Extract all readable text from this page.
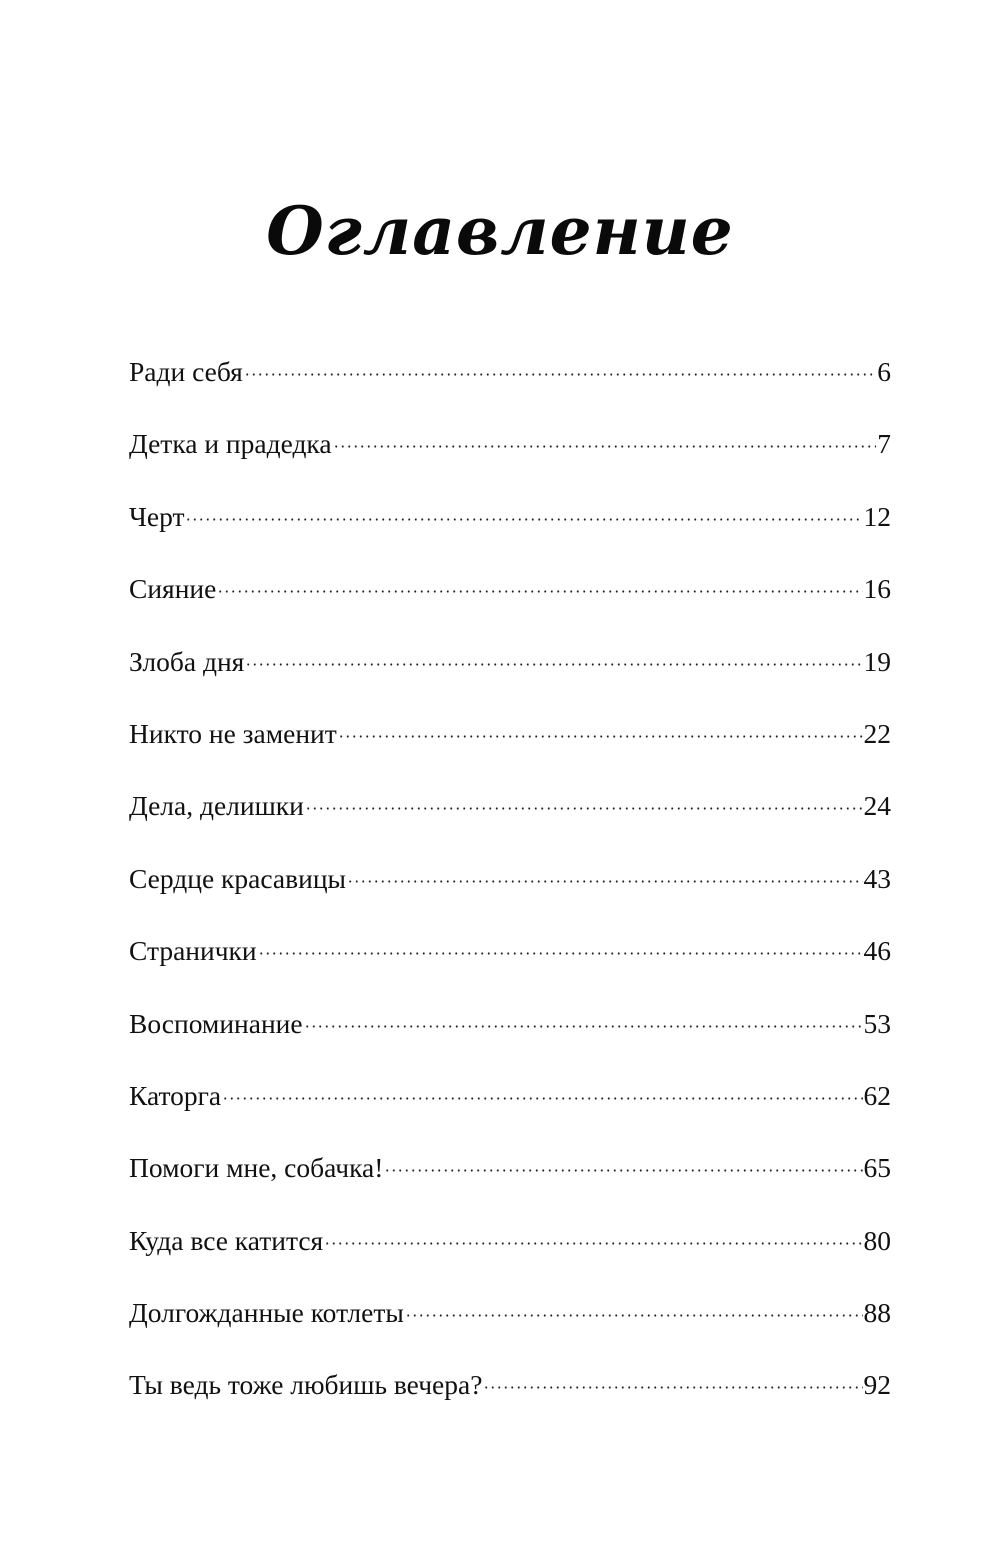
Оглавление
Ради себя	6
Детка и прадедка	7
Черт	12
Сияние	16
Злоба дня	19
Никто не заменит	22
Дела, делишки	24
Сердце красавицы	43
Странички	46
Воспоминание	53
Каторга	62
Помоги мне, собачка!	65
Куда все катится	80
Долгожданные котлеты	88
Ты ведь тоже любишь вечера?	92
